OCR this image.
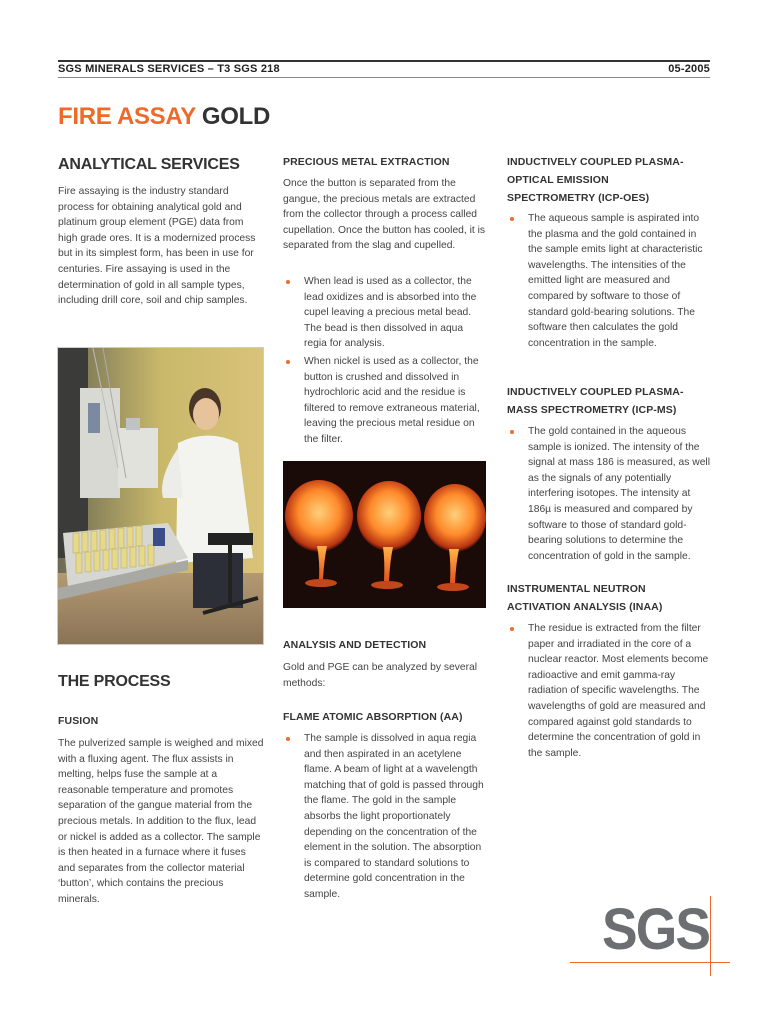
SGS MINERALS SERVICES – T3 SGS 218	05-2005
FIRE ASSAY GOLD
ANALYTICAL SERVICES

Fire assaying is the industry standard process for obtaining analytical gold and platinum group element (PGE) data from high grade ores. It is a modernized process but in its simplest form, has been in use for centuries. Fire assaying is used in the determination of gold in all sample types, including drill core, soil and chip samples.

THE PROCESS
FUSION

The pulverized sample is weighed and mixed with a fluxing agent. The flux assists in melting, helps fuse the sample at a reasonable temperature and promotes separation of the gangue material from the precious metals. In addition to the flux, lead or nickel is added as a collector. The sample is then heated in a furnace where it fuses and separates from the collector material ‘button’, which contains the precious minerals.

PRECIOUS METAL EXTRACTION

Once the button is separated from the gangue, the precious metals are extracted from the collector through a process called cupellation. Once the button has cooled, it is separated from the slag and cupelled.

When lead is used as a collector, the lead oxidizes and is absorbed into the cupel leaving a precious metal bead. The bead is then dissolved in aqua regia for analysis.
When nickel is used as a collector, the button is crushed and dissolved in hydrochloric acid and the residue is filtered to remove extraneous material, leaving the precious metal residue on the filter.
ANALYSIS AND DETECTION

Gold and PGE can be analyzed by several methods:

FLAME ATOMIC ABSORPTION (AA)
The sample is dissolved in aqua regia and then aspirated in an acetylene flame. A beam of light at a wavelength matching that of gold is passed through the flame. The gold in the sample absorbs the light proportionately depending on the concentration of the element in the solution. The absorption is compared to standard solutions to determine gold concentration in the sample.
INDUCTIVELY COUPLED PLASMA-OPTICAL EMISSION SPECTROMETRY (ICP-OES)
The aqueous sample is aspirated into the plasma and the gold contained in the sample emits light at characteristic wavelengths. The intensities of the emitted light are measured and compared by software to those of standard gold-bearing solutions. The software then calculates the gold concentration in the sample.
INDUCTIVELY COUPLED PLASMA-MASS SPECTROMETRY (ICP-MS)
The gold contained in the aqueous sample is ionized. The intensity of the signal at mass 186 is measured, as well as the signals of any potentially interfering isotopes. The intensity at 186µ is measured and compared by software to those of standard gold-bearing solutions to determine the concentration of gold in the sample.
INSTRUMENTAL NEUTRON ACTIVATION ANALYSIS (INAA)
The residue is extracted from the filter paper and irradiated in the core of a nuclear reactor. Most elements become radioactive and emit gamma-ray radiation of specific wavelengths. The wavelengths of gold are measured and compared against gold standards to determine the concentration of gold in the sample.
SGS
